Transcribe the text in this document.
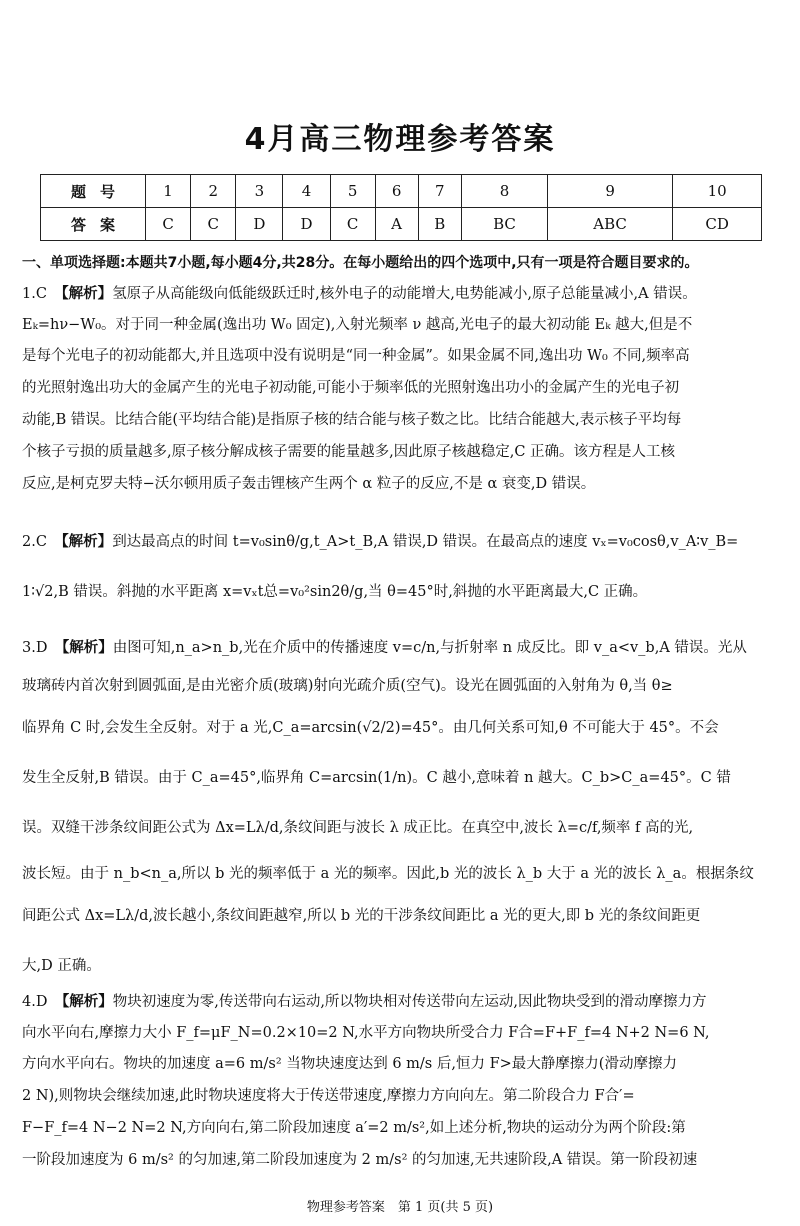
4月高三物理参考答案
题号	1	2	3	4	5	6	7	8	9	10
答案	C	C	D	D	C	A	B	BC	ABC	CD
一、单项选择题:本题共7小题,每小题4分,共28分。在每小题给出的四个选项中,只有一项是符合题目要求的。
1.C　 【解析】氢原子从高能级向低能级跃迁时,核外电子的动能增大,电势能减小,原子总能量减小,A 错误。
Eₖ=hν−W₀。对于同一种金属(逸出功 W₀ 固定),入射光频率 ν 越高,光电子的最大初动能 Eₖ 越大,但是不
是每个光电子的初动能都大,并且选项中没有说明是“同一种金属”。如果金属不同,逸出功 W₀ 不同,频率高
的光照射逸出功大的金属产生的光电子初动能,可能小于频率低的光照射逸出功小的金属产生的光电子初
动能,B 错误。比结合能(平均结合能)是指原子核的结合能与核子数之比。比结合能越大,表示核子平均每
个核子亏损的质量越多,原子核分解成核子需要的能量越多,因此原子核越稳定,C 正确。该方程是人工核
反应,是柯克罗夫特−沃尔顿用质子轰击锂核产生两个 α 粒子的反应,不是 α 衰变,D 错误。
2.C　 【解析】到达最高点的时间 t=v₀sinθ/g,t_A>t_B,A 错误,D 错误。在最高点的速度 vₓ=v₀cosθ,v_A∶v_B=
1∶√2,B 错误。斜抛的水平距离 x=vₓt总=v₀²sin2θ/g,当 θ=45°时,斜抛的水平距离最大,C 正确。
3.D　 【解析】由图可知,n_a>n_b,光在介质中的传播速度 v=c/n,与折射率 n 成反比。即 v_a<v_b,A 错误。光从
玻璃砖内首次射到圆弧面,是由光密介质(玻璃)射向光疏介质(空气)。设光在圆弧面的入射角为 θ,当 θ≥
临界角 C 时,会发生全反射。对于 a 光,C_a=arcsin(√2/2)=45°。由几何关系可知,θ 不可能大于 45°。不会
发生全反射,B 错误。由于 C_a=45°,临界角 C=arcsin(1/n)。C 越小,意味着 n 越大。C_b>C_a=45°。C 错
误。双缝干涉条纹间距公式为 Δx=Lλ/d,条纹间距与波长 λ 成正比。在真空中,波长 λ=c/f,频率 f 高的光,
波长短。由于 n_b<n_a,所以 b 光的频率低于 a 光的频率。因此,b 光的波长 λ_b 大于 a 光的波长 λ_a。根据条纹
间距公式 Δx=Lλ/d,波长越小,条纹间距越窄,所以 b 光的干涉条纹间距比 a 光的更大,即 b 光的条纹间距更
大,D 正确。
4.D　 【解析】物块初速度为零,传送带向右运动,所以物块相对传送带向左运动,因此物块受到的滑动摩擦力方
向水平向右,摩擦力大小 F_f=μF_N=0.2×10=2 N,水平方向物块所受合力 F合=F+F_f=4 N+2 N=6 N,
方向水平向右。物块的加速度 a=6 m/s² 当物块速度达到 6 m/s 后,恒力 F>最大静摩擦力(滑动摩擦力
2 N),则物块会继续加速,此时物块速度将大于传送带速度,摩擦力方向向左。第二阶段合力 F合′=
F−F_f=4 N−2 N=2 N,方向向右,第二阶段加速度 a′=2 m/s²,如上述分析,物块的运动分为两个阶段:第
一阶段加速度为 6 m/s² 的匀加速,第二阶段加速度为 2 m/s² 的匀加速,无共速阶段,A 错误。第一阶段初速
物理参考答案　第 1 页(共 5 页)
